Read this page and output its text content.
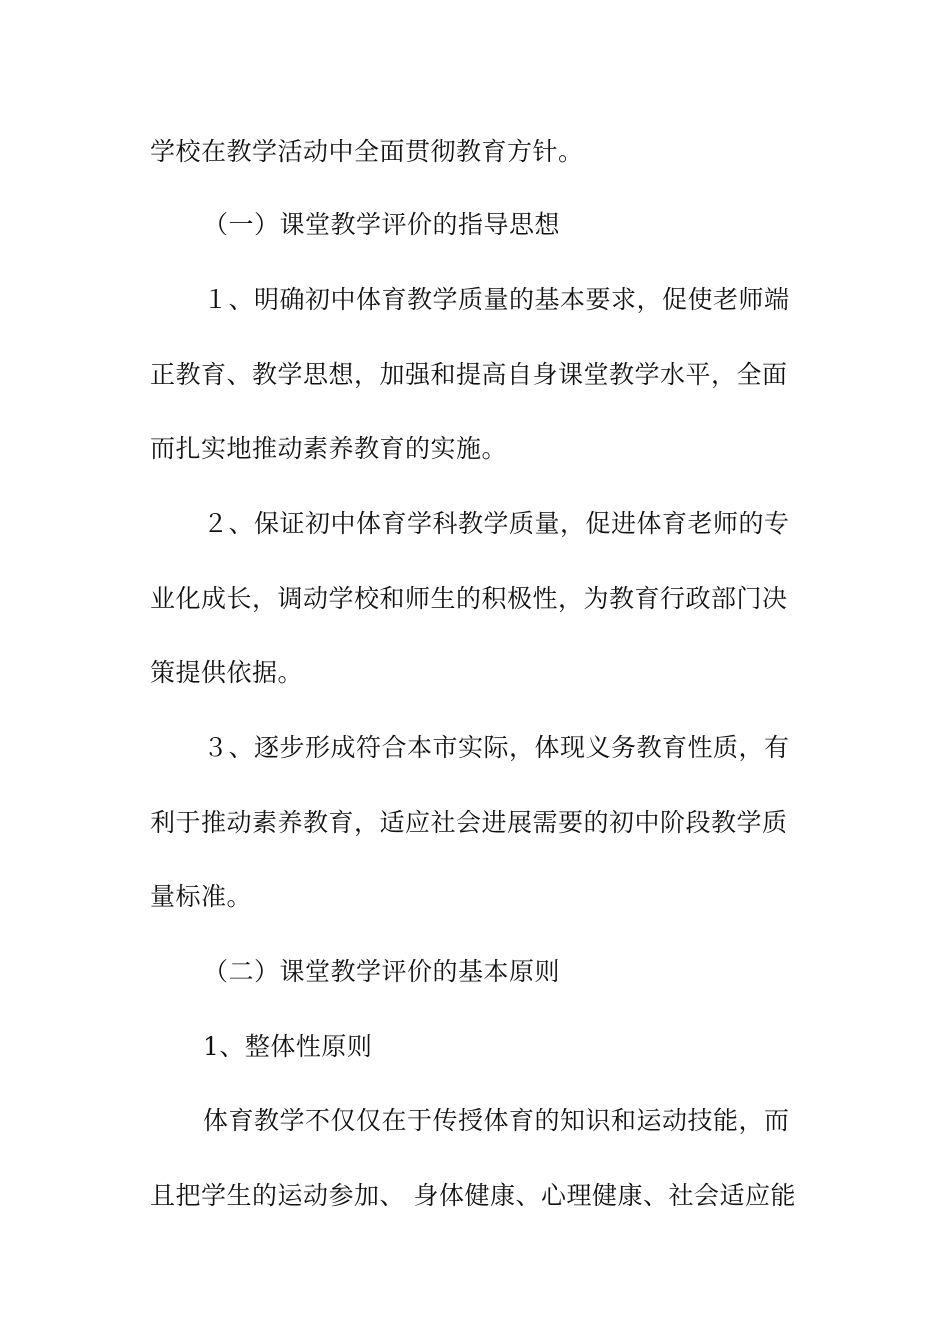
学校在教学活动中全面贯彻教育方针。
（一）课堂教学评价的指导思想
１、明确初中体育教学质量的基本要求，促使老师端
正教育、教学思想，加强和提高自身课堂教学水平，全面
而扎实地推动素养教育的实施。
２、保证初中体育学科教学质量，促进体育老师的专
业化成长，调动学校和师生的积极性，为教育行政部门决
策提供依据。
３、逐步形成符合本市实际，体现义务教育性质，有
利于推动素养教育，适应社会进展需要的初中阶段教学质
量标准。
（二）课堂教学评价的基本原则
1、整体性原则
体育教学不仅仅在于传授体育的知识和运动技能，而
且把学生的运动参加、 身体健康、心理健康、社会适应能
